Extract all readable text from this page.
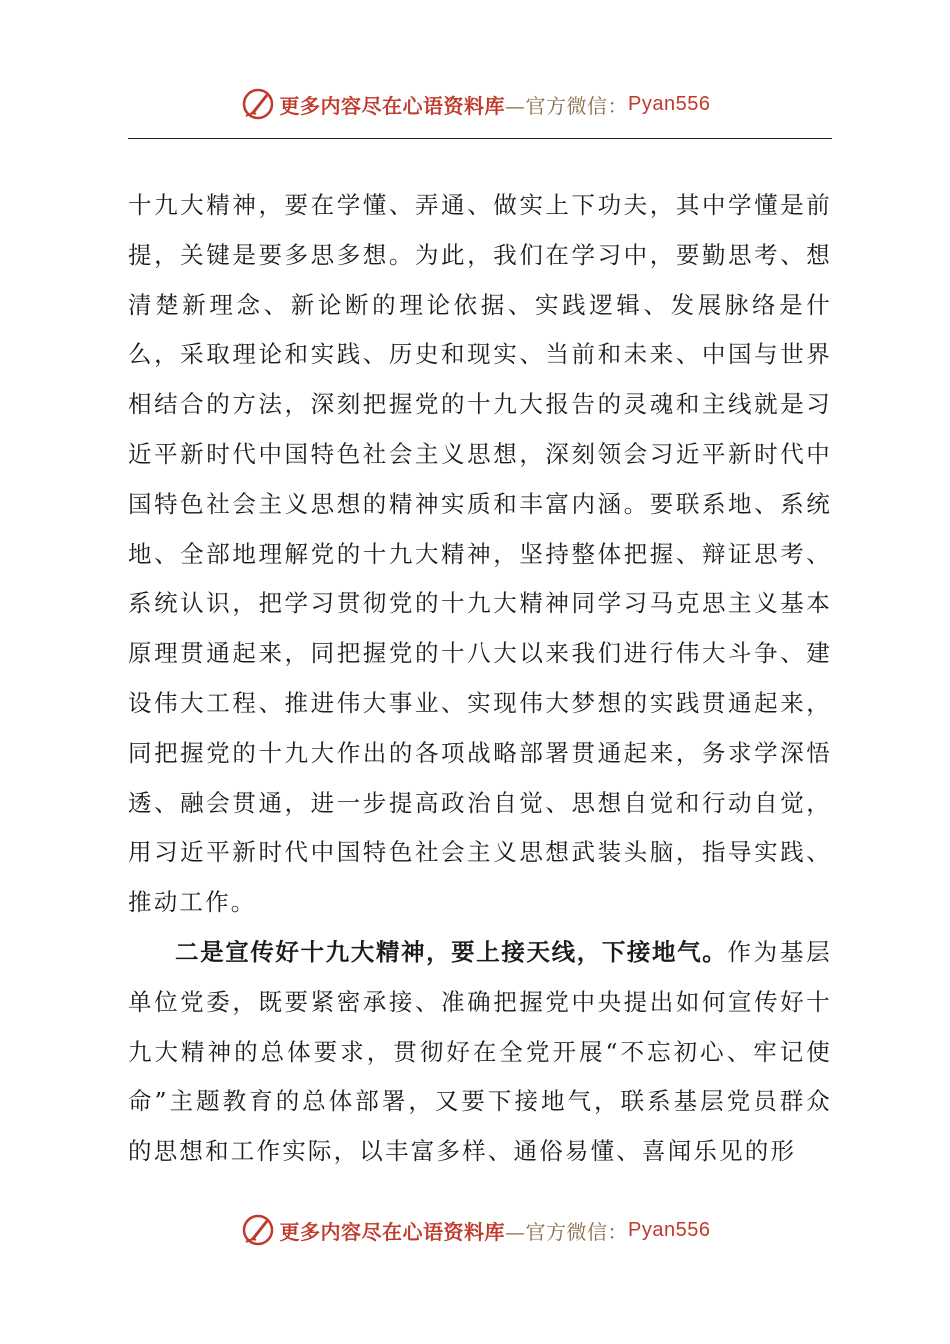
更多内容尽在心语资料库 —官方微信： Pyan556

十九大精神，要在学懂、弄通、做实上下功夫，其中学懂是前提，关键是要多思多想。为此，我们在学习中，要勤思考、想清楚新理念、新论断的理论依据、实践逻辑、发展脉络是什么，采取理论和实践、历史和现实、当前和未来、中国与世界相结合的方法，深刻把握党的十九大报告的灵魂和主线就是习近平新时代中国特色社会主义思想，深刻领会习近平新时代中国特色社会主义思想的精神实质和丰富内涵。要联系地、系统地、全部地理解党的十九大精神，坚持整体把握、辩证思考、系统认识，把学习贯彻党的十九大精神同学习马克思主义基本原理贯通起来，同把握党的十八大以来我们进行伟大斗争、建设伟大工程、推进伟大事业、实现伟大梦想的实践贯通起来，同把握党的十九大作出的各项战略部署贯通起来，务求学深悟透、融会贯通，进一步提高政治自觉、思想自觉和行动自觉，用习近平新时代中国特色社会主义思想武装头脑，指导实践、推动工作。

二是宣传好十九大精神，要上接天线，下接地气。作为基层单位党委，既要紧密承接、准确把握党中央提出如何宣传好十九大精神的总体要求，贯彻好在全党开展“不忘初心、牢记使命”主题教育的总体部署，又要下接地气，联系基层党员群众的思想和工作实际，以丰富多样、通俗易懂、喜闻乐见的形

更多内容尽在心语资料库 —官方微信： Pyan556
